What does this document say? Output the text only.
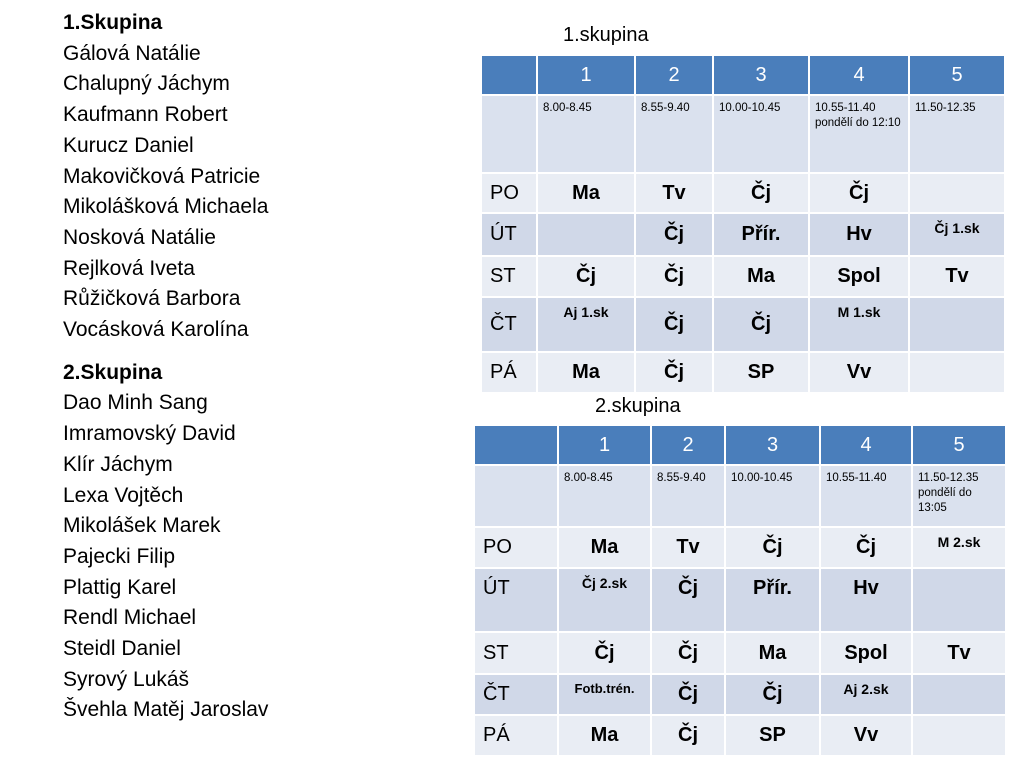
1.Skupina
Gálová Natálie
Chalupný Jáchym
Kaufmann Robert
Kurucz Daniel
Makovičková Patricie
Mikolášková Michaela
Nosková Natálie
Rejlková Iveta
Růžičková Barbora
Vocásková Karolína
2.Skupina
Dao Minh Sang
Imramovský David
Klír Jáchym
Lexa Vojtěch
Mikolášek Marek
Pajecki Filip
Plattig Karel
Rendl Michael
Steidl Daniel
Syrový Lukáš
Švehla Matěj Jaroslav
1.skupina
	1	2	3	4	5
	8.00-8.45	8.55-9.40	10.00-10.45	10.55-11.40 pondělí do 12:10	11.50-12.35
PO	Ma	Tv	Čj	Čj	
ÚT		Čj	Přír.	Hv	Čj 1.sk
ST	Čj	Čj	Ma	Spol	Tv
ČT	Aj 1.sk	Čj	Čj	M 1.sk	
PÁ	Ma	Čj	SP	Vv	
2.skupina
	1	2	3	4	5
	8.00-8.45	8.55-9.40	10.00-10.45	10.55-11.40	11.50-12.35 pondělí do 13:05
PO	Ma	Tv	Čj	Čj	M 2.sk
ÚT	Čj 2.sk	Čj	Přír.	Hv	
ST	Čj	Čj	Ma	Spol	Tv
ČT	Fotb.trén.	Čj	Čj	Aj 2.sk	
PÁ	Ma	Čj	SP	Vv	
